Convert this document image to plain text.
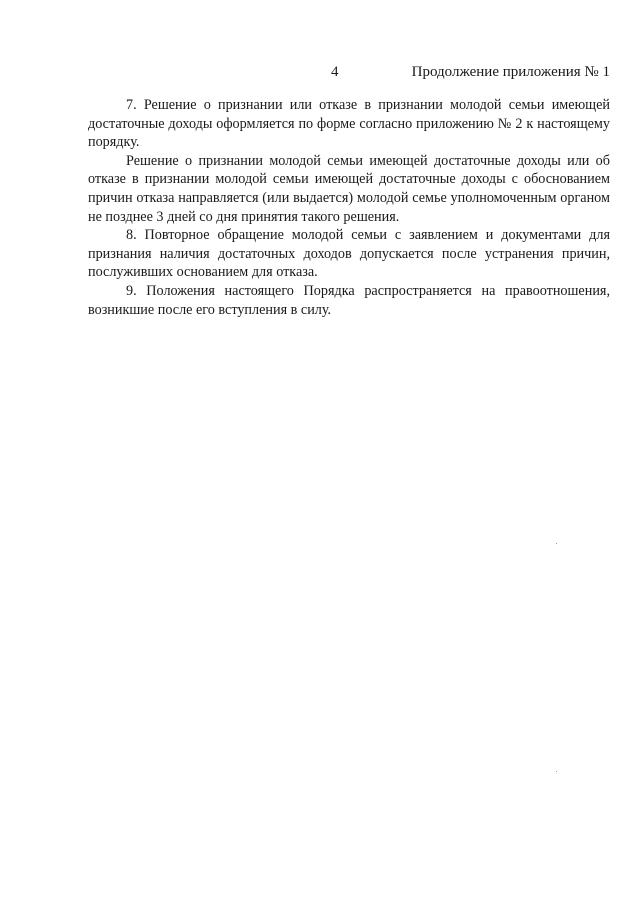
4	Продолжение приложения № 1

7. Решение о признании или отказе в признании молодой семьи имеющей достаточные доходы оформляется по форме согласно приложению № 2 к настоящему порядку.

Решение о признании молодой семьи имеющей достаточные доходы или об отказе в признании молодой семьи имеющей достаточные доходы с обоснованием причин отказа направляется (или выдается) молодой семье уполномоченным органом не позднее 3 дней со дня принятия такого решения.

8. Повторное обращение молодой семьи с заявлением и документами для признания наличия достаточных доходов допускается после устранения причин, послуживших основанием для отказа.

9. Положения настоящего Порядка распространяется на правоотношения, возникшие после его вступления в силу.
